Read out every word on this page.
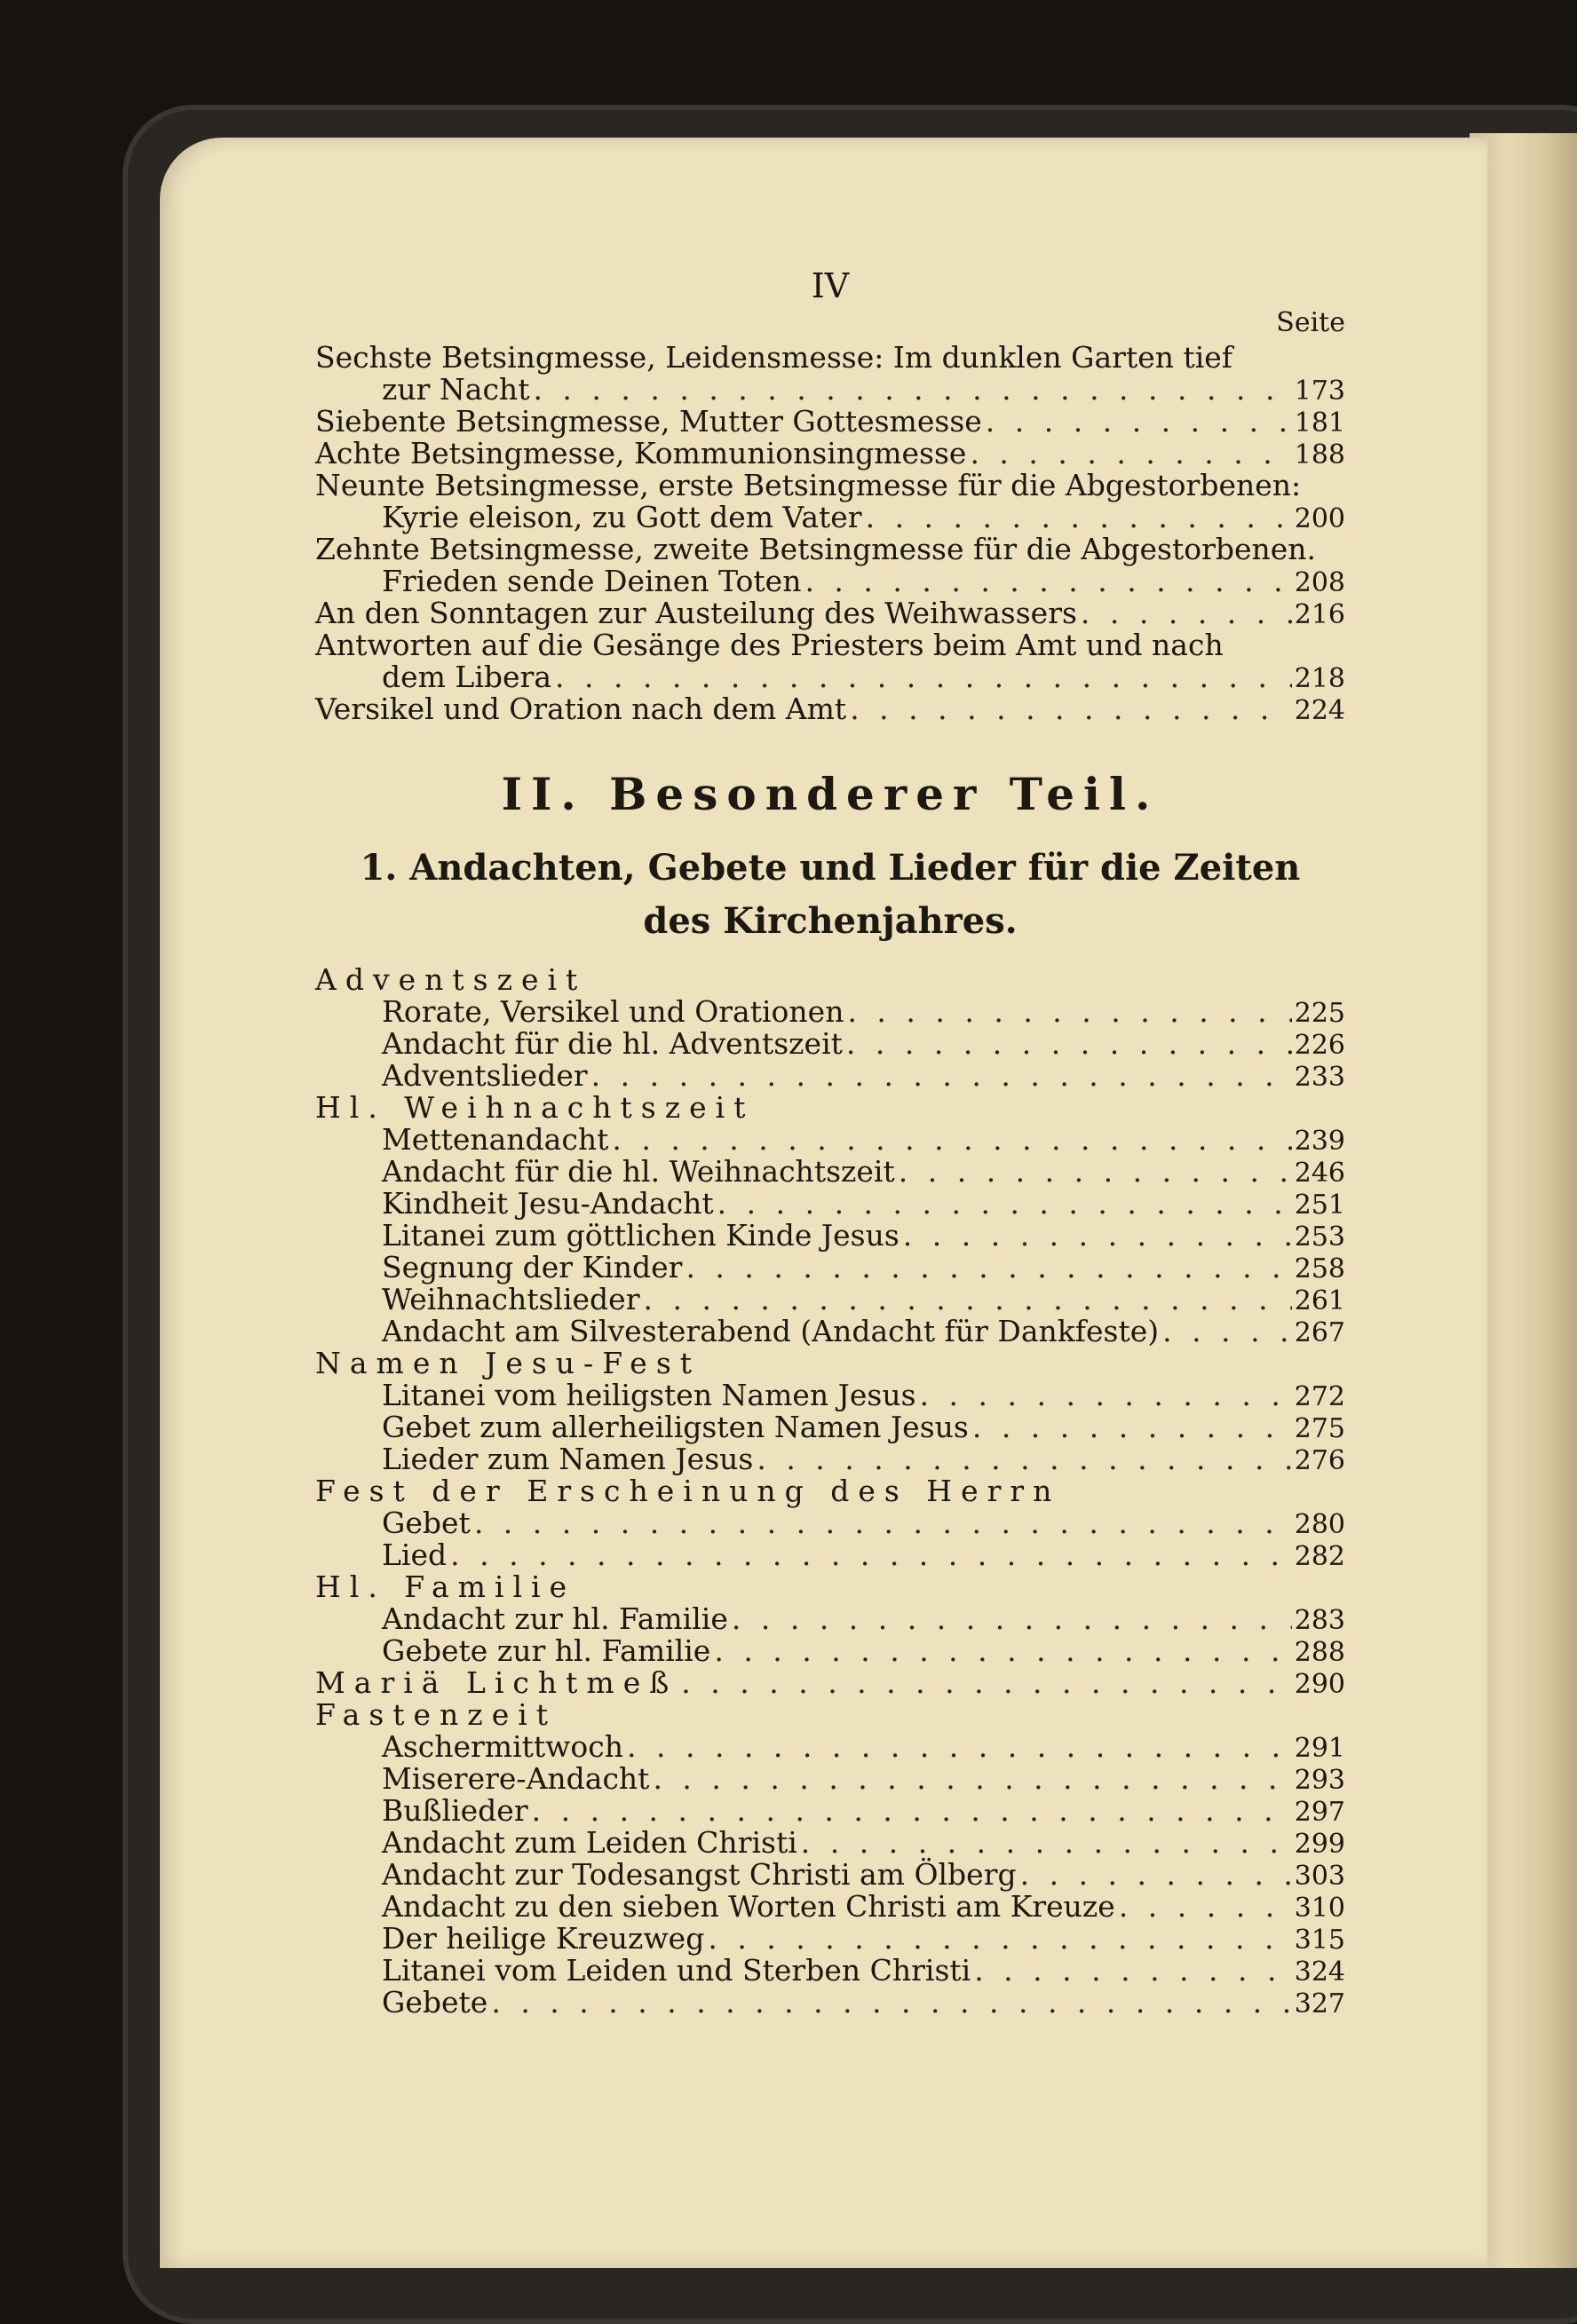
IV
Seite
Sechste Betsingmesse, Leidensmesse: Im dunklen Garten tief
zur Nacht . . .	173
Siebente Betsingmesse, Mutter Gottesmesse . . .	181
Achte Betsingmesse, Kommunionsingmesse . . .	188
Neunte Betsingmesse, erste Betsingmesse für die Abgestorbenen:
Kyrie eleison, zu Gott dem Vater . . .	200
Zehnte Betsingmesse, zweite Betsingmesse für die Abgestorbenen.
Frieden sende Deinen Toten . . .	208
An den Sonntagen zur Austeilung des Weihwassers . . .	216
Antworten auf die Gesänge des Priesters beim Amt und nach
dem Libera . . .	218
Versikel und Oration nach dem Amt . . .	224
II. Besonderer Teil.
1. Andachten, Gebete und Lieder für die Zeiten
des Kirchenjahres.
Adventszeit
Rorate, Versikel und Orationen . . .	225
Andacht für die hl. Adventszeit . . .	226
Adventslieder . . .	233
Hl. Weihnachtszeit
Mettenandacht . . .	239
Andacht für die hl. Weihnachtszeit . . .	246
Kindheit Jesu-Andacht . . .	251
Litanei zum göttlichen Kinde Jesus . . .	253
Segnung der Kinder . . .	258
Weihnachtslieder . . .	261
Andacht am Silvesterabend (Andacht für Dankfeste) . . .	267
Namen Jesu-Fest
Litanei vom heiligsten Namen Jesus . . .	272
Gebet zum allerheiligsten Namen Jesus . . .	275
Lieder zum Namen Jesus . . .	276
Fest der Erscheinung des Herrn
Gebet . . .	280
Lied . . .	282
Hl. Familie
Andacht zur hl. Familie . . .	283
Gebete zur hl. Familie . . .	288
Mariä Lichtmeß . . .	290
Fastenzeit
Aschermittwoch . . .	291
Miserere-Andacht . . .	293
Bußlieder . . .	297
Andacht zum Leiden Christi . . .	299
Andacht zur Todesangst Christi am Ölberg . . .	303
Andacht zu den sieben Worten Christi am Kreuze . . .	310
Der heilige Kreuzweg . . .	315
Litanei vom Leiden und Sterben Christi . . .	324
Gebete . . .	327
